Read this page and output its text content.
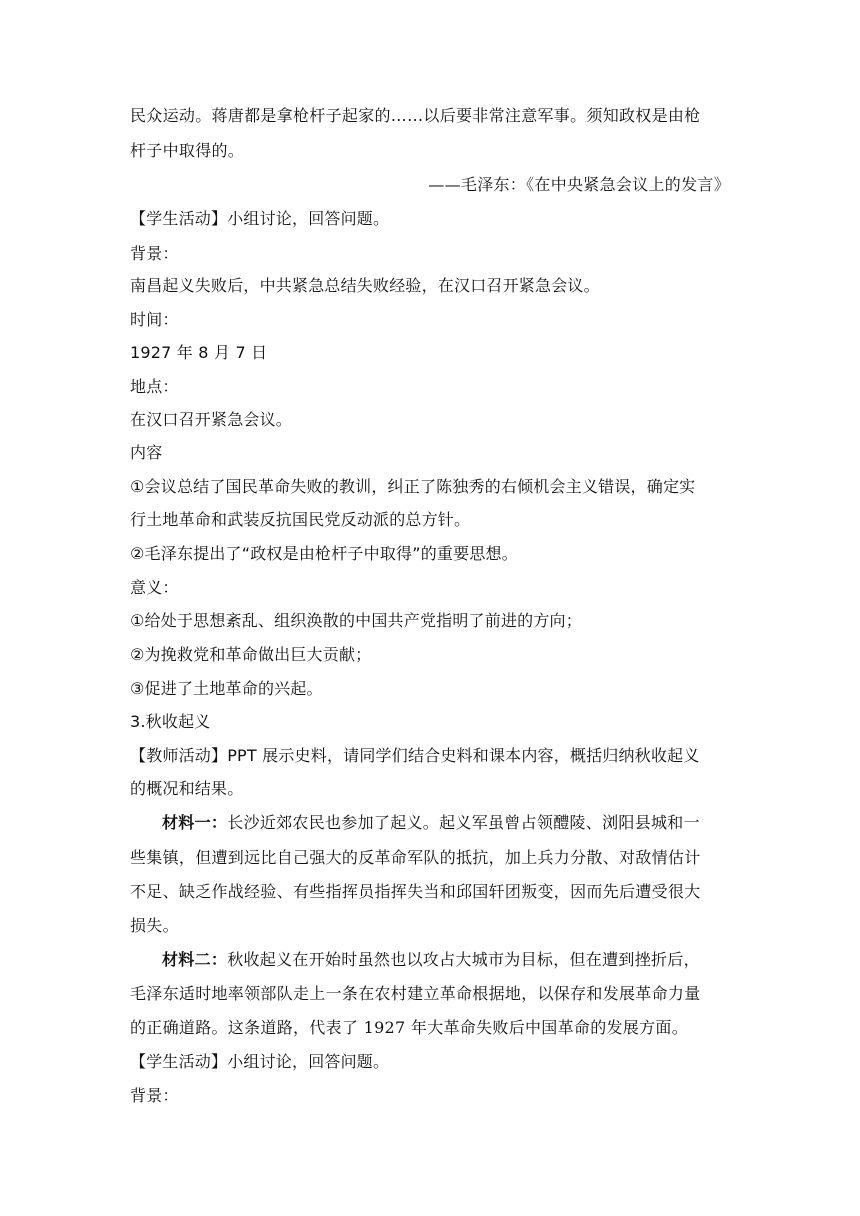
民众运动。蒋唐都是拿枪杆子起家的……以后要非常注意军事。须知政权是由枪
杆子中取得的。
——毛泽东：《在中央紧急会议上的发言》
【学生活动】小组讨论，回答问题。
背景：
南昌起义失败后，中共紧急总结失败经验，在汉口召开紧急会议。
时间：
1927 年 8 月 7 日
地点：
在汉口召开紧急会议。
内容
①会议总结了国民革命失败的教训，纠正了陈独秀的右倾机会主义错误，确定实
行土地革命和武装反抗国民党反动派的总方针。
②毛泽东提出了“政权是由枪杆子中取得”的重要思想。
意义：
①给处于思想紊乱、组织涣散的中国共产党指明了前进的方向；
②为挽救党和革命做出巨大贡献；
③促进了土地革命的兴起。
3.秋收起义
【教师活动】PPT 展示史料，请同学们结合史料和课本内容，概括归纳秋收起义
的概况和结果。
材料一：长沙近郊农民也参加了起义。起义军虽曾占领醴陵、浏阳县城和一
些集镇，但遭到远比自己强大的反革命军队的抵抗，加上兵力分散、对敌情估计
不足、缺乏作战经验、有些指挥员指挥失当和邱国轩团叛变，因而先后遭受很大
损失。
材料二：秋收起义在开始时虽然也以攻占大城市为目标，但在遭到挫折后，
毛泽东适时地率领部队走上一条在农村建立革命根据地，以保存和发展革命力量
的正确道路。这条道路，代表了 1927 年大革命失败后中国革命的发展方面。
【学生活动】小组讨论，回答问题。
背景：
